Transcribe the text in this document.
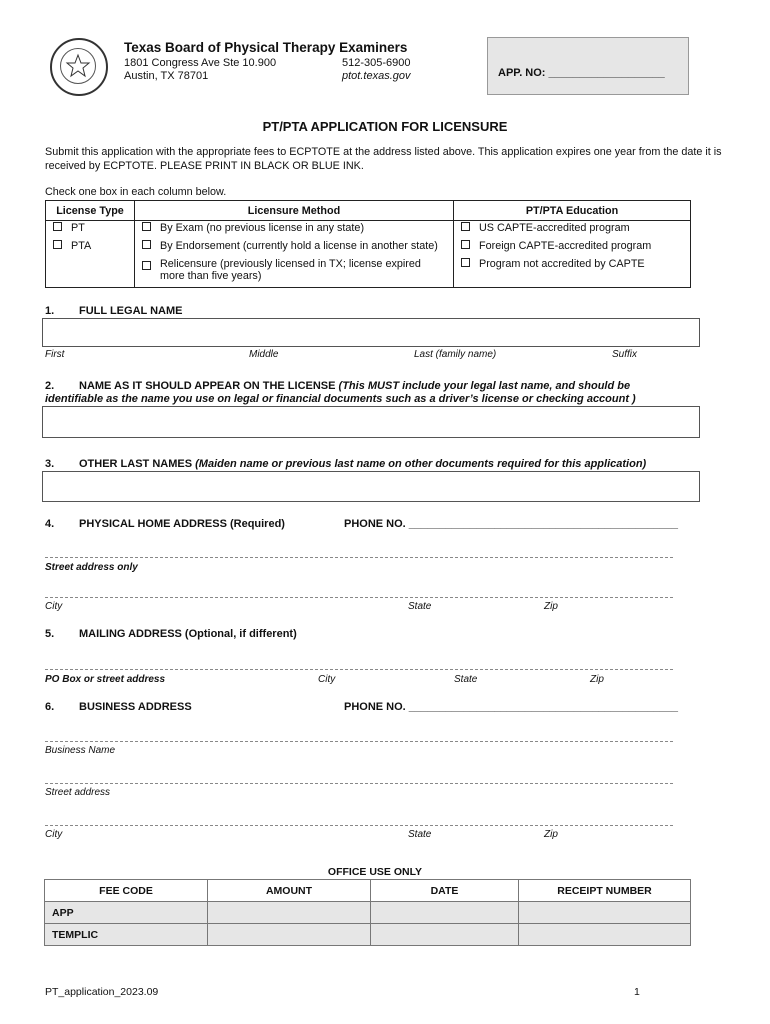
Texas Board of Physical Therapy Examiners
1801 Congress Ave Ste 10.900
Austin, TX 78701
512-305-6900
ptot.texas.gov	APP. NO: ___________________
PT/PTA APPLICATION FOR LICENSURE
Submit this application with the appropriate fees to ECPTOTE at the address listed above. This application expires one year from the date it is received by ECPTOTE. PLEASE PRINT IN BLACK OR BLUE INK.
Check one box in each column below.
License Type	Licensure Method	PT/PTA Education
PT	By Exam (no previous license in any state)	US CAPTE-accredited program
PTA	By Endorsement (currently hold a license in another state)	Foreign CAPTE-accredited program

	Relicensure (previously licensed in TX; license expired more than five years)	Program not accredited by CAPTE
1. FULL LEGAL NAME
First	Middle	Last (family name)	Suffix
2. NAME AS IT SHOULD APPEAR ON THE LICENSE (This MUST include your legal last name, and should be
identifiable as the name you use on legal or financial documents such as a driver’s license or checking account )
3. OTHER LAST NAMES (Maiden name or previous last name on other documents required for this application)
4. PHYSICAL HOME ADDRESS (Required)	PHONE NO. ____________________________________________
Street address only
City	State	Zip
5. MAILING ADDRESS (Optional, if different)
PO Box or street address	City	State	Zip
6. BUSINESS ADDRESS	PHONE NO. ____________________________________________
Business Name
Street address
City	State	Zip
OFFICE USE ONLY
FEE CODE	AMOUNT	DATE	RECEIPT NUMBER
APP			
TEMPLIC			
PT_application_2023.09	1
